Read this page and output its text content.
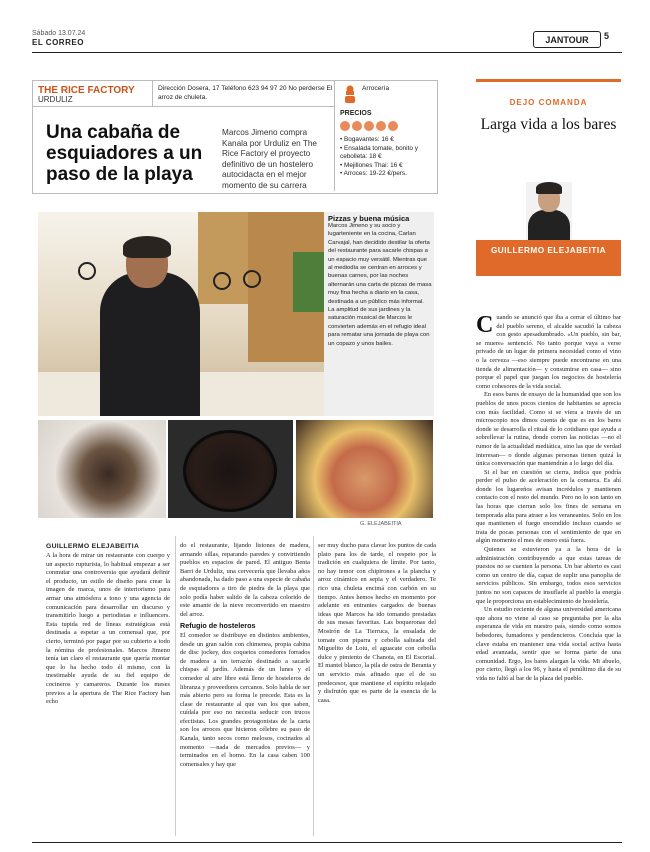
Sábado 13.07.24
EL CORREO	JANTOUR	5
THE RICE FACTORY
URDULIZ
Dirección Dosera, 17 Teléfono 623 94 97 20 No perderse El arroz de chuleta.
Arrocería
Una cabaña de esquiadores a un paso de la playa
Marcos Jimeno compra Kanala por Urduliz en The Rice Factory el proyecto definitivo de un hostelero autocidacta en el mejor momento de su carrera
PRECIOS
• Bogavantes: 16 €
• Ensalada tomate, bonito y cebolleta: 18 €
• Mejillones Thai: 16 €
• Arroces: 19-22 €/pers.
Pizzas y buena música
Marcos Jimeno y su socio y lugarteniente en la cocina, Carlan Carvajal, han decidido destilar la oferta del restaurante para sacarle chispas a un espacio muy versátil. Mientras que al mediodía se centran en arroces y buenas carnes, por las noches alternarán una carta de pizzas de masa muy fina hecha a diario en la casa, destinada a un público más informal. La amplitud de sus jardines y la saturación musical de Marcos le convierten además en el refugio ideal para rematar una jornada de playa con un copazo y unos bailes.
G. ELEJABEITIA
GUILLERMO ELEJABEITIA
A la hora de mirar un restaurante con cuerpo y un aspecto rupturista, lo habitual empezar a ser conmutar una controversia que ayudará definir el producto, un estilo de diseño para crear la imagen de marca, unos de interiorismo para armar una atmósfera a tono y una agencia de comunicación para desarrollar un discurso y transmitirlo luego a periodistas e influencers. Esta tupida red de líneas estratégicas está destinada a espetar a un comensal que, por cierto, terminó por pagar por su cubierto a todo la nómina de profesionales. Marcos Jimeno tenía tan claro el restaurante que quería montar que lo ha hecho todo él mismo, con la inestimable ayuda de su fiel equipo de cocineros y camareros. Durante los meses previos a la apertura de The Rice Factory han echo
do el restaurante, lijando listones de madera, armando sillas, reparando paredes y convirtiendo pueblos en espacios de pared. El antiguo Benta Barri de Urduliz, una cervecería que llevaba años abandonada, ha dado paso a una especie de cabaña de esquiadores a tiro de piedra de la playa que solo podía haber salido de la cabeza colorido de este amante de la nieve reconvertido en maestro del arroz.
Refugio de hosteleros
El comedor se distribuye en distintos ambientes, desde un gran salón con chimenea, propia cabina de disc jockey, dos coquetos comedores forrados de madera a un terrazón destinado a sacarle chispas al jardín. Además de un lunes y el comedor al aire libre está lleno de hosteleros de libranza y proveedores cercanos. Solo habla de ser más abierto pero su forma le precede. Esta es la clase de restaurante al que van los que saben, cuídala por eso no necesita seducir con trucos efectistas. Los grandes protagonistas de la carta son los arroces que hicieron célebre su paso de Kanala, tanto secos como melosos, cocinados al momento —nada de mercados previos— y terminados en el horno. En la casa caben 100 comensales y hay que
ser muy ducho para clavar los puntos de cada plato para los de tarde, el respeto por la tradición en cualquiera de límite. Por tanto, no hay temor con chipirones a la plancha y arroz cinámico en sepia y el verdadero. Te rico una chuleta encimá con carbón en su tiempo. Antes hemos hecho en momento por adelante en entrantes cargados de buenas ideas que Marcos ha ido tomando prestadas de sus mesas favoritas. Las boqueronas del Mostrón de La Tierruca, la ensalada de tomate con piparra y cebolla salteada del Miguelito de Loiu, el aguacate con cebolla dulce y pimiento de Chanota, en El Escorial. El mantel blanco, la pila de ostra de Beranta y un servicio más afinado que el de su predecesor, que mantiene el espíritu relajado y disfrutón que es parte de la esencia de la casa.
DEJO COMANDA
Larga vida a los bares
GUILLERMO ELEJABEITIA
Cuando se anunció que iba a cerrar el último bar del pueblo sereno, el alcalde sacudió la cabeza con gesto apesadumbrado. «Un pueblo, sin bar, se muere» sentenció. No tanto porque vaya a verse privado de un lugar de primera necesidad como el vino o la cerveza —eso siempre puede encontrarse en una tienda de alimentación— y consumirse en casa— sino porque el papel que juegan los negocios de hostelería como cohesores de la vida social.
En esos bares de ensayo de la humanidad que son los pueblos de unos pocos cientos de habitantes se aprecia con más facilidad. Como si se viera a través de un microscopio nos dimos cuenta de que es en los bares donde se desarrolla el ritual de lo cotidiano que ayuda a sobrellevar la rutina, donde corren las noticias —no el rumor de la actualidad mediática, sino las que de verdad interesan— o donde algunas personas tienen quizá la única conversación que mantendrán a lo largo del día.
Si el bar en cuestión se cierra, indica que podría perder el pulso de aceleración en la comarca. Es ahí donde los lugareños avisan incrédulos y mantienen contacto con el resto del mundo. Pero no lo son tanto en las horas que cierran solo los fines de semana en temporada alta para atraer a los veraneantes. Solo en los que mantienen el fuego encendido incluso cuando se trata de pocas personas con el sentimiento de que en algún momento el mes de enero está fuera.
Quienes se estuvieron ya a la hora de la administración contribuyendo a que estas tareas de puestos no se cuenten la persona. Un bar abierto es casi como un centro de día, capaz de suplir una panoplia de servicios públicos. Sin embargo, todos esos servicios juntos no son capaces de insuflarle al pueblo la energía que le proporciona un establecimiento de hostelería.
Un estudio reciente de alguna universidad americana que ahora no viene al caso se preguntaba por la alta esperanza de vida en nuestro país, siendo como somos bebedores, fumadores y pendencieros. Concluía que la clave estaba en mantener una vida social activa hasta edad avanzada, sentir que se forma parte de una comunidad. Ergo, los bares alargan la vida. Mi abuelo, por cierto, llegó a los 96, y hasta el penúltimo día de su vida no faltó al bar de la plaza del pueblo.
